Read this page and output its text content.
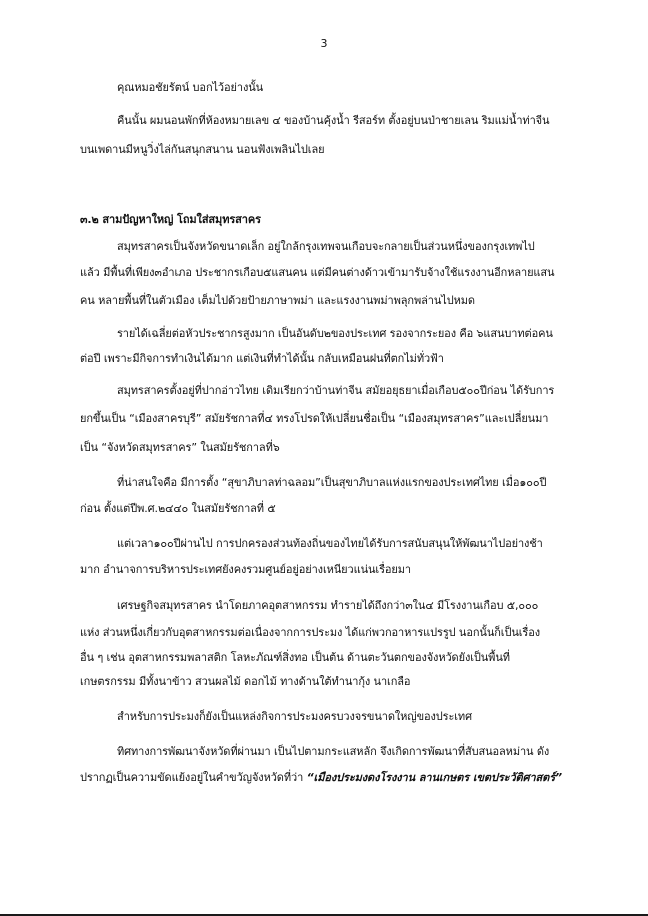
3
คุณหมอชัยรัตน์ บอกไว้อย่างนั้น
คืนนั้น ผมนอนพักที่ห้องหมายเลข ๔ ของบ้านคุ้งน้ำ รีสอร์ท ตั้งอยู่บนป่าชายเลน ริมแม่น้ำท่าจีน
บนเพดานมีหนูวิ่งไล่กันสนุกสนาน นอนฟังเพลินไปเลย
๓.๒ สามปัญหาใหญ่ โถมใส่สมุทรสาคร
สมุทรสาครเป็นจังหวัดขนาดเล็ก อยู่ใกล้กรุงเทพจนเกือบจะกลายเป็นส่วนหนึ่งของกรุงเทพไป
แล้ว มีพื้นที่เพียง๓อำเภอ ประชากรเกือบ๕แสนคน แต่มีคนต่างด้าวเข้ามารับจ้างใช้แรงงานอีกหลายแสน
คน หลายพื้นที่ในตัวเมือง เต็มไปด้วยป้ายภาษาพม่า และแรงงานพม่าพลุกพล่านไปหมด
รายได้เฉลี่ยต่อหัวประชากรสูงมาก เป็นอันดับ๒ของประเทศ รองจากระยอง คือ ๖แสนบาทต่อคน
ต่อปี เพราะมีกิจการทำเงินได้มาก แต่เงินที่ทำได้นั้น กลับเหมือนฝนที่ตกไม่ทั่วฟ้า
สมุทรสาครตั้งอยู่ที่ปากอ่าวไทย เดิมเรียกว่าบ้านท่าจีน สมัยอยุธยาเมื่อเกือบ๕๐๐ปีก่อน ได้รับการ
ยกขึ้นเป็น “เมืองสาครบุรี” สมัยรัชกาลที่๔ ทรงโปรดให้เปลี่ยนชื่อเป็น “เมืองสมุทรสาคร”และเปลี่ยนมา
เป็น “จังหวัดสมุทรสาคร” ในสมัยรัชกาลที่๖
ที่น่าสนใจคือ มีการตั้ง “สุขาภิบาลท่าฉลอม”เป็นสุขาภิบาลแห่งแรกของประเทศไทย เมื่อ๑๐๐ปี
ก่อน ตั้งแต่ปีพ.ศ.๒๔๔๐ ในสมัยรัชกาลที่ ๕
แต่เวลา๑๐๐ปีผ่านไป การปกครองส่วนท้องถิ่นของไทยได้รับการสนับสนุนให้พัฒนาไปอย่างช้า
มาก อำนาจการบริหารประเทศยังคงรวมศูนย์อยู่อย่างเหนียวแน่นเรื่อยมา
เศรษฐกิจสมุทรสาคร นำโดยภาคอุตสาหกรรม ทำรายได้ถึงกว่า๓ใน๔ มีโรงงานเกือบ ๕,๐๐๐
แห่ง ส่วนหนึ่งเกี่ยวกับอุตสาหกรรมต่อเนื่องจากการประมง ได้แก่พวกอาหารแปรรูป นอกนั้นก็เป็นเรื่อง
อื่น ๆ เช่น อุตสาหกรรมพลาสติก โลหะภัณฑ์สิ่งทอ เป็นต้น ด้านตะวันตกของจังหวัดยังเป็นพื้นที่
เกษตรกรรม มีทั้งนาข้าว สวนผลไม้ ดอกไม้ ทางด้านใต้ทำนากุ้ง นาเกลือ
สำหรับการประมงก็ยังเป็นแหล่งกิจการประมงครบวงจรขนาดใหญ่ของประเทศ
ทิศทางการพัฒนาจังหวัดที่ผ่านมา เป็นไปตามกระแสหลัก จึงเกิดการพัฒนาที่สับสนอลหม่าน ดัง
ปรากฏเป็นความขัดแย้งอยู่ในคำขวัญจังหวัดที่ว่า “เมืองประมงดงโรงงาน ลานเกษตร เขตประวัติศาสตร์”
